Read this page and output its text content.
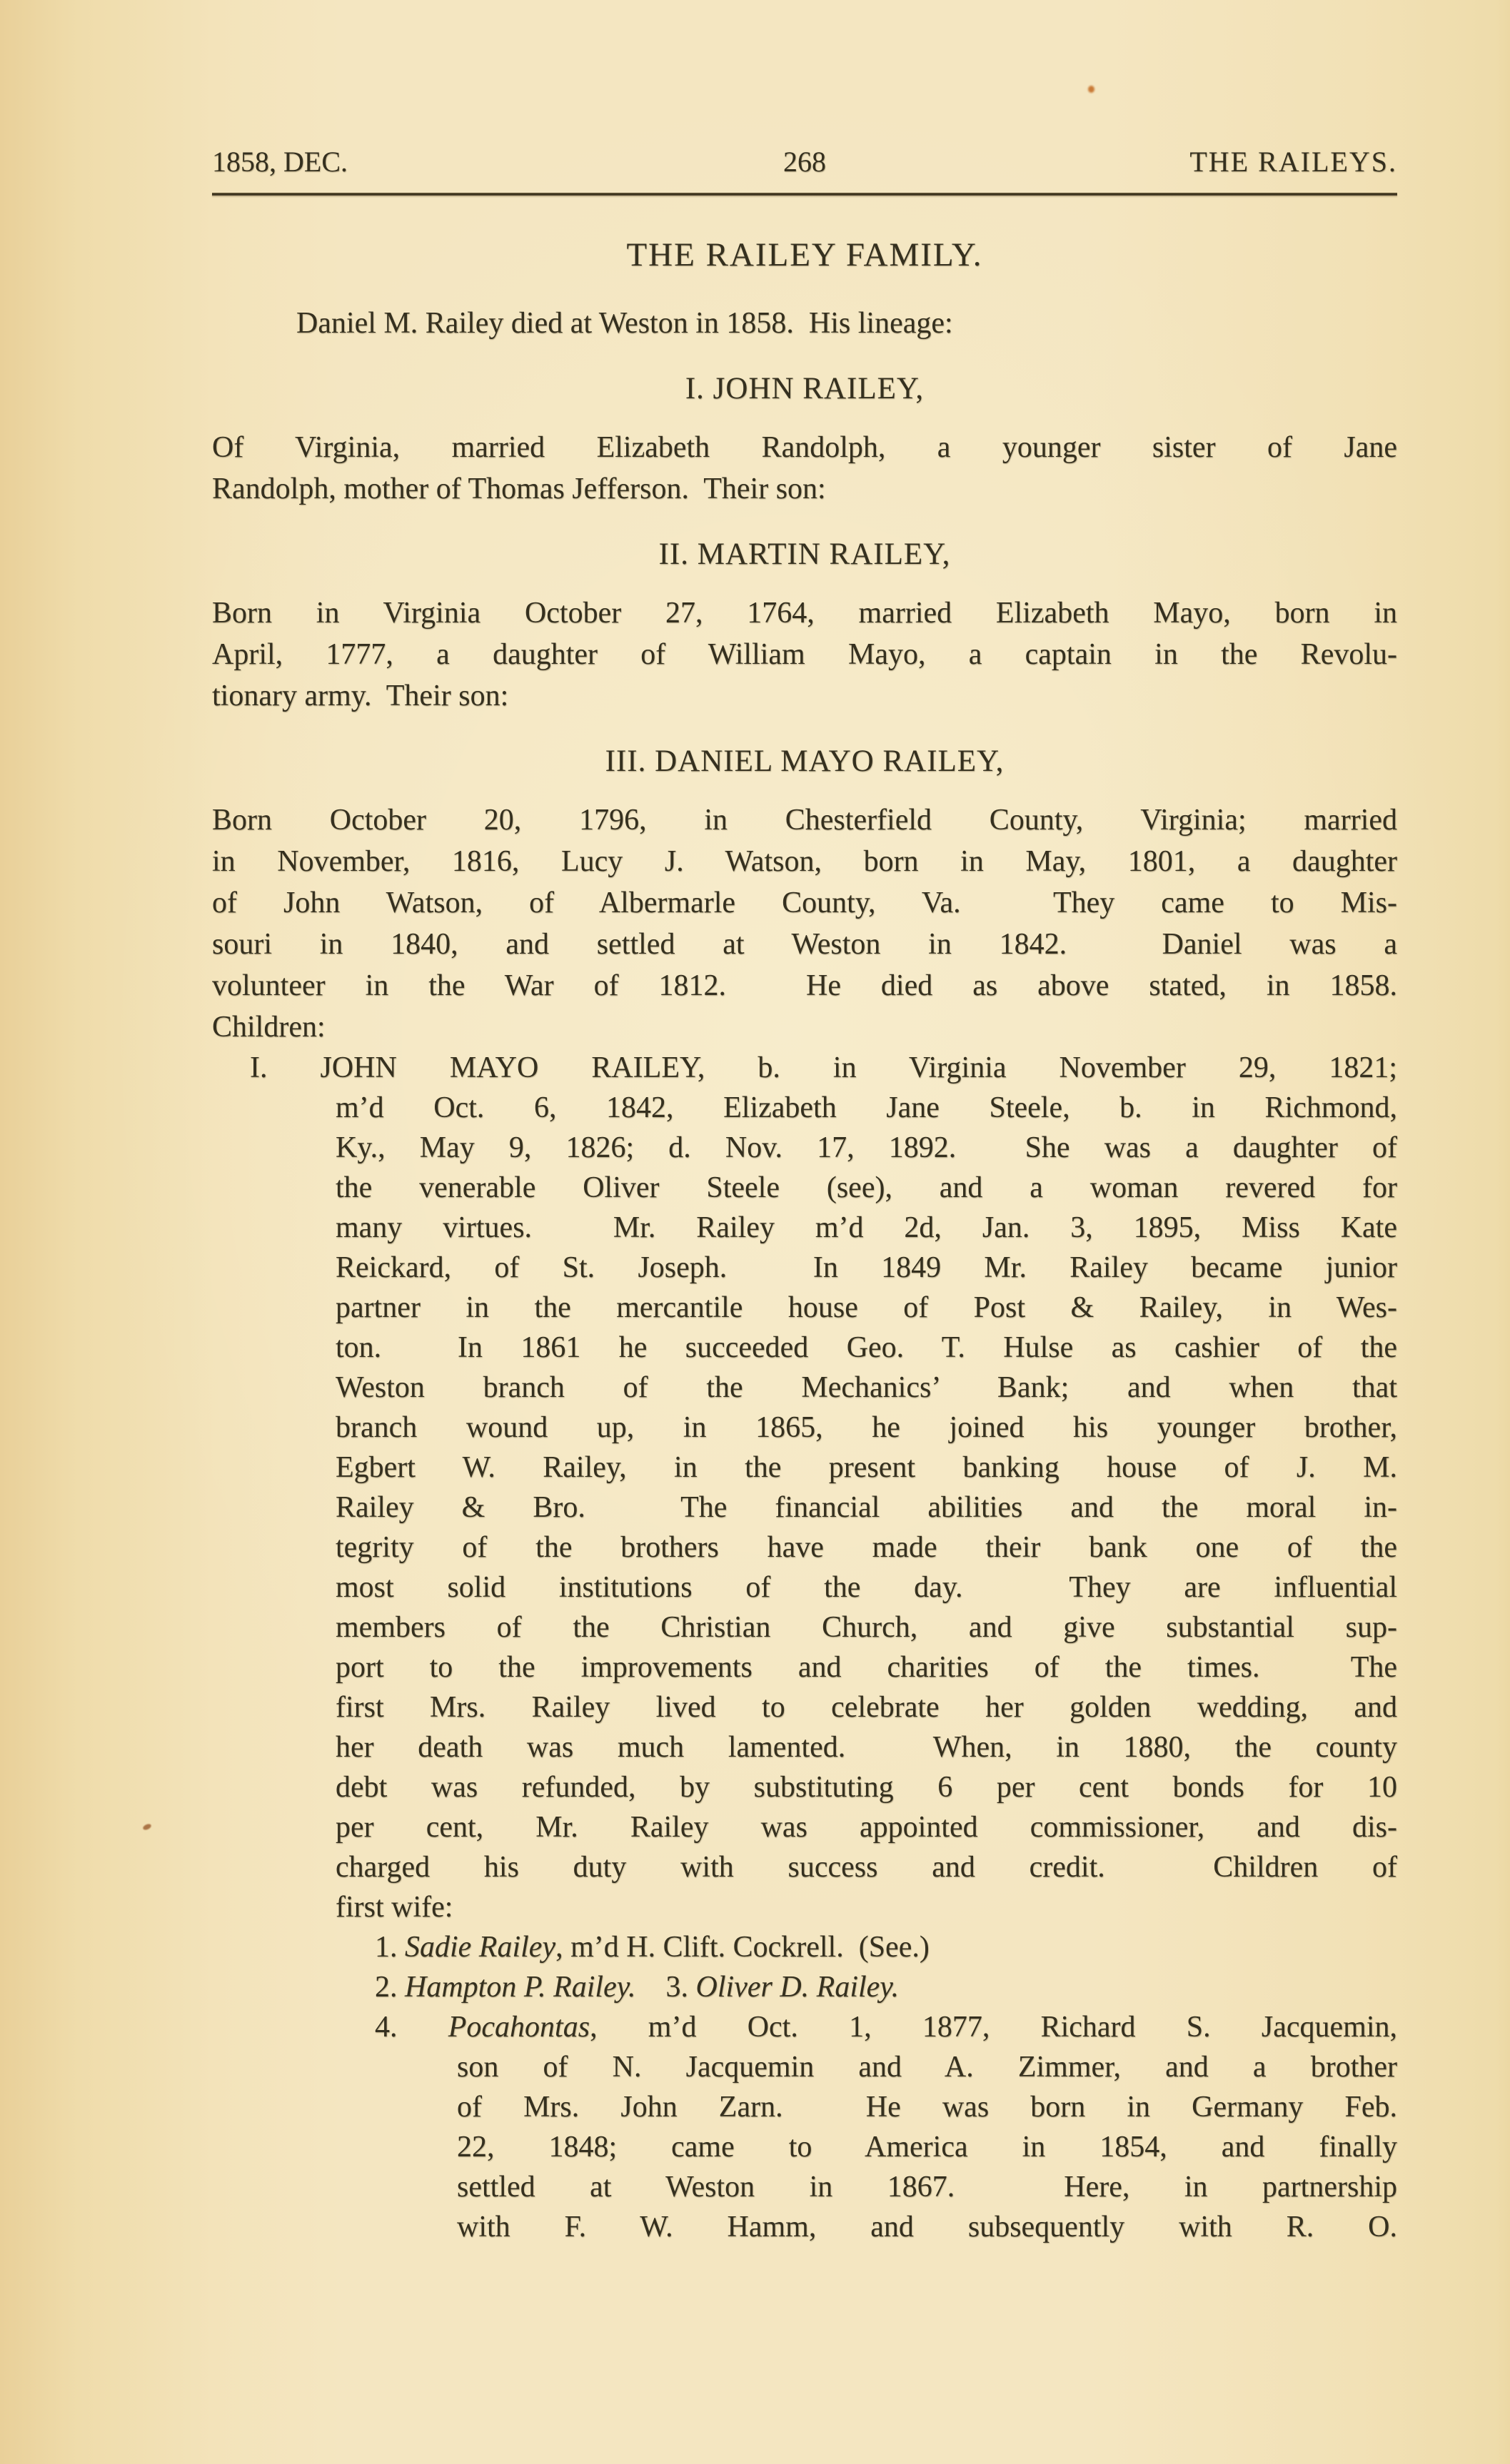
1858, DEC.	268	THE RAILEYS.
THE RAILEY FAMILY.

Daniel M. Railey died at Weston in 1858.  His lineage:

I. JOHN RAILEY,

Of Virginia, married Elizabeth Randolph, a younger sister of Jane

Randolph, mother of Thomas Jefferson.  Their son:

II. MARTIN RAILEY,

Born in Virginia October 27, 1764, married Elizabeth Mayo, born in

April, 1777, a daughter of William Mayo, a captain in the Revolu-

tionary army.  Their son:

III. DANIEL MAYO RAILEY,

Born October 20, 1796, in Chesterfield County, Virginia; married

in November, 1816, Lucy J. Watson, born in May, 1801, a daughter

of John Watson, of Albermarle County, Va.  They came to Mis-

souri in 1840, and settled at Weston in 1842.  Daniel was a

volunteer in the War of 1812.  He died as above stated, in 1858.

Children:

I. JOHN MAYO RAILEY, b. in Virginia November 29, 1821;

m’d Oct. 6, 1842, Elizabeth Jane Steele, b. in Richmond,

Ky., May 9, 1826; d. Nov. 17, 1892.  She was a daughter of

the venerable Oliver Steele (see), and a woman revered for

many virtues.  Mr. Railey m’d 2d, Jan. 3, 1895, Miss Kate

Reickard, of St. Joseph.  In 1849 Mr. Railey became junior

partner in the mercantile house of Post & Railey, in Wes-

ton.  In 1861 he succeeded Geo. T. Hulse as cashier of the

Weston branch of the Mechanics’ Bank; and when that

branch wound up, in 1865, he joined his younger brother,

Egbert W. Railey, in the present banking house of J. M.

Railey & Bro.  The financial abilities and the moral in-

tegrity of the brothers have made their bank one of the

most solid institutions of the day.  They are influential

members of the Christian Church, and give substantial sup-

port to the improvements and charities of the times.  The

first Mrs. Railey lived to celebrate her golden wedding, and

her death was much lamented.  When, in 1880, the county

debt was refunded, by substituting 6 per cent bonds for 10

per cent, Mr. Railey was appointed commissioner, and dis-

charged his duty with success and credit.  Children of

first wife:

1. Sadie Railey, m’d H. Clift. Cockrell.  (See.)

2. Hampton P. Railey.    3. Oliver D. Railey.

4. Pocahontas, m’d Oct. 1, 1877, Richard S. Jacquemin,

son of N. Jacquemin and A. Zimmer, and a brother

of Mrs. John Zarn.  He was born in Germany Feb.

22, 1848; came to America in 1854, and finally

settled at Weston in 1867.  Here, in partnership

with F. W. Hamm, and subsequently with R. O.
